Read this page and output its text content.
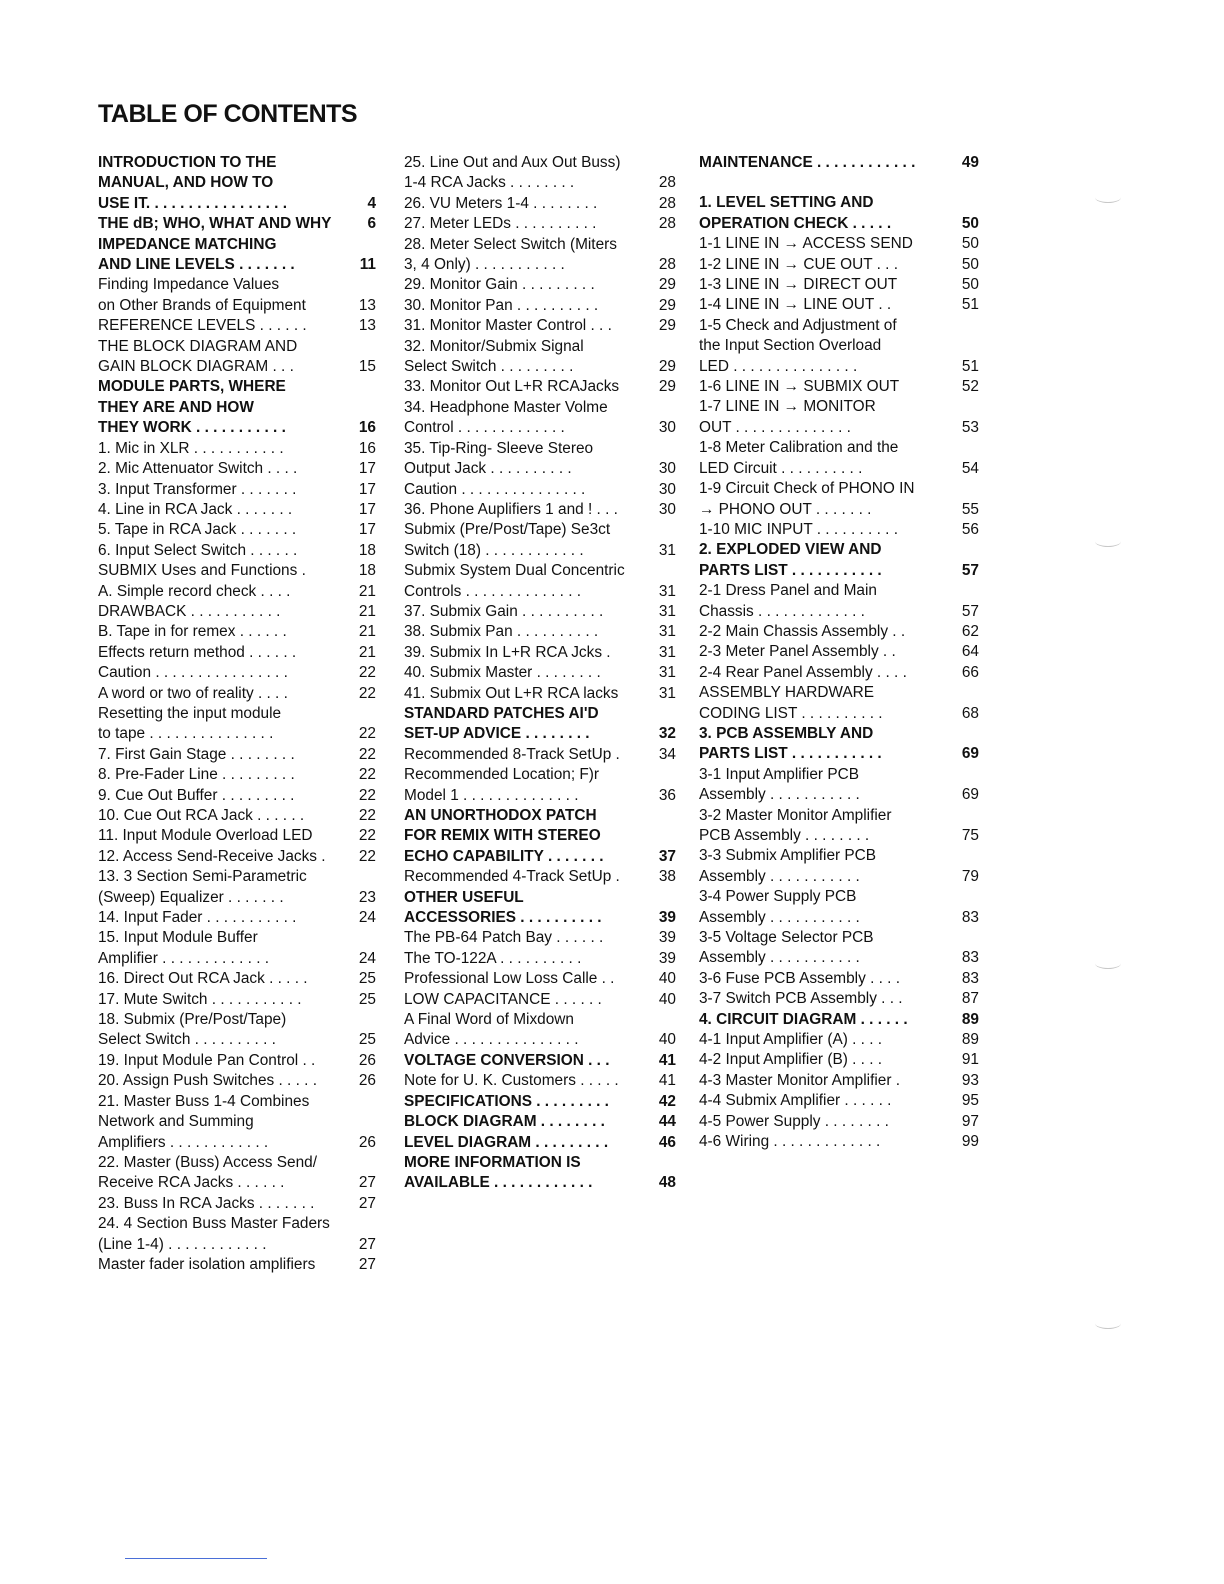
TABLE OF CONTENTS
INTRODUCTION TO THE
MANUAL, AND HOW TO
USE IT. . . . . . . . . . . . . . . . .	4
THE dB; WHO, WHAT AND WHY	6
IMPEDANCE MATCHING
AND LINE LEVELS . . . . . . .	11
Finding Impedance Values
on Other Brands of Equipment	13
REFERENCE LEVELS . . . . . .	13
THE BLOCK DIAGRAM AND
GAIN BLOCK DIAGRAM . . .	15
MODULE PARTS, WHERE
THEY ARE AND HOW
THEY WORK . . . . . . . . . . .	16
1. Mic in XLR . . . . . . . . . . .	16
2. Mic Attenuator Switch . . . .	17
3. Input Transformer . . . . . . .	17
4. Line in RCA Jack . . . . . . .	17
5. Tape in RCA Jack . . . . . . .	17
6. Input Select Switch . . . . . .	18
SUBMIX Uses and Functions .	18
A. Simple record check . . . .	21
DRAWBACK . . . . . . . . . . .	21
B. Tape in for remex . . . . . .	21
Effects return method . . . . . .	21
Caution . . . . . . . . . . . . . . . .	22
A word or two of reality . . . .	22
Resetting the input module
to tape . . . . . . . . . . . . . . .	22
7. First Gain Stage . . . . . . . .	22
8. Pre-Fader Line . . . . . . . . .	22
9. Cue Out Buffer . . . . . . . . .	22
10. Cue Out RCA Jack . . . . . .	22
11. Input Module Overload LED	22
12. Access Send-Receive Jacks .	22
13. 3 Section Semi-Parametric
(Sweep) Equalizer . . . . . . .	23
14. Input Fader . . . . . . . . . . .	24
15. Input Module Buffer
Amplifier . . . . . . . . . . . . .	24
16. Direct Out RCA Jack . . . . .	25
17. Mute Switch . . . . . . . . . . .	25
18. Submix (Pre/Post/Tape)
Select Switch . . . . . . . . . .	25
19. Input Module Pan Control . .	26
20. Assign Push Switches . . . . .	26
21. Master Buss 1-4 Combines
Network and Summing
Amplifiers . . . . . . . . . . . .	26
22. Master (Buss) Access Send/
Receive RCA Jacks . . . . . .	27
23. Buss In RCA Jacks . . . . . . .	27
24. 4 Section Buss Master Faders
(Line 1-4) . . . . . . . . . . . .	27
Master fader isolation amplifiers	27
25. Line Out and Aux Out Buss)
1-4 RCA Jacks . . . . . . . .	28
26. VU Meters 1-4 . . . . . . . .	28
27. Meter LEDs . . . . . . . . . .	28
28. Meter Select Switch (Miters
3, 4 Only) . . . . . . . . . . .	28
29. Monitor Gain . . . . . . . . .	29
30. Monitor Pan . . . . . . . . . .	29
31. Monitor Master Control . . .	29
32. Monitor/Submix Signal
Select Switch . . . . . . . . .	29
33. Monitor Out L+R RCAJacks	29
34. Headphone Master Volme
Control . . . . . . . . . . . . .	30
35. Tip-Ring- Sleeve Stereo
Output Jack . . . . . . . . . .	30
Caution . . . . . . . . . . . . . . .	30
36. Phone Auplifiers 1 and ! . . .	30
Submix (Pre/Post/Tape) Se3ct
Switch (18) . . . . . . . . . . . .	31
Submix System Dual Concentric
Controls . . . . . . . . . . . . . .	31
37. Submix Gain . . . . . . . . . .	31
38. Submix Pan . . . . . . . . . .	31
39. Submix In L+R RCA Jcks .	31
40. Submix Master . . . . . . . .	31
41. Submix Out L+R RCA lacks	31
STANDARD PATCHES AI'D
SET-UP ADVICE . . . . . . . .	32
Recommended 8-Track SetUp .	34
Recommended Location; F)r
Model 1 . . . . . . . . . . . . . .	36
AN UNORTHODOX PATCH
FOR REMIX WITH STEREO
ECHO CAPABILITY . . . . . . .	37
Recommended 4-Track SetUp .	38
OTHER USEFUL
ACCESSORIES . . . . . . . . . .	39
The PB-64 Patch Bay . . . . . .	39
The TO-122A . . . . . . . . . .	39
Professional Low Loss Calle . .	40
LOW CAPACITANCE . . . . . .	40
A Final Word of Mixdown
Advice . . . . . . . . . . . . . . .	40
VOLTAGE CONVERSION . . .	41
Note for U. K. Customers . . . . .	41
SPECIFICATIONS . . . . . . . . .	42
BLOCK DIAGRAM . . . . . . . .	44
LEVEL DIAGRAM . . . . . . . . .	46
MORE INFORMATION IS
AVAILABLE . . . . . . . . . . . .	48
MAINTENANCE . . . . . . . . . . . .	49
1. LEVEL SETTING AND
OPERATION CHECK . . . . .	50
1-1 LINE IN → ACCESS SEND	50
1-2 LINE IN → CUE OUT . . .	50
1-3 LINE IN → DIRECT OUT	50
1-4 LINE IN → LINE OUT . .	51
1-5 Check and Adjustment of
the Input Section Overload
LED . . . . . . . . . . . . . . .	51
1-6 LINE IN → SUBMIX OUT	52
1-7 LINE IN → MONITOR
OUT . . . . . . . . . . . . . .	53
1-8 Meter Calibration and the
LED Circuit . . . . . . . . . .	54
1-9 Circuit Check of PHONO IN
→ PHONO OUT . . . . . . .	55
1-10 MIC INPUT . . . . . . . . . .	56
2. EXPLODED VIEW AND
PARTS LIST . . . . . . . . . . .	57
2-1 Dress Panel and Main
Chassis . . . . . . . . . . . . .	57
2-2 Main Chassis Assembly . .	62
2-3 Meter Panel Assembly . .	64
2-4 Rear Panel Assembly . . . .	66
ASSEMBLY HARDWARE
CODING LIST . . . . . . . . . .	68
3. PCB ASSEMBLY AND
PARTS LIST . . . . . . . . . . .	69
3-1 Input Amplifier PCB
Assembly . . . . . . . . . . .	69
3-2 Master Monitor Amplifier
PCB Assembly . . . . . . . .	75
3-3 Submix Amplifier PCB
Assembly . . . . . . . . . . .	79
3-4 Power Supply PCB
Assembly . . . . . . . . . . .	83
3-5 Voltage Selector PCB
Assembly . . . . . . . . . . .	83
3-6 Fuse PCB Assembly . . . .	83
3-7 Switch PCB Assembly . . .	87
4. CIRCUIT DIAGRAM . . . . . .	89
4-1 Input Amplifier (A) . . . .	89
4-2 Input Amplifier (B) . . . .	91
4-3 Master Monitor Amplifier .	93
4-4 Submix Amplifier . . . . . .	95
4-5 Power Supply . . . . . . . .	97
4-6 Wiring . . . . . . . . . . . . .	99
